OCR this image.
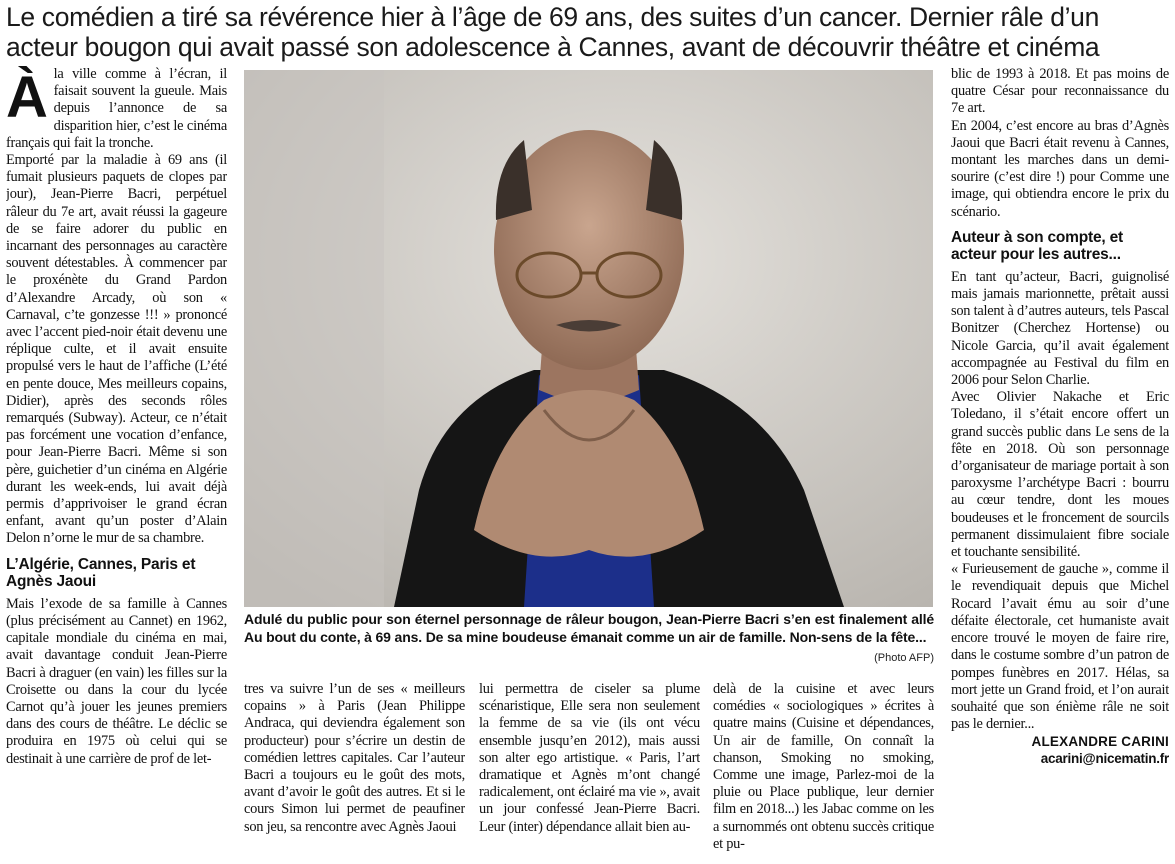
Le comédien a tiré sa révérence hier à l’âge de 69 ans, des suites d’un cancer. Dernier râle d’un
acteur bougon qui avait passé son adolescence à Cannes, avant de découvrir théâtre et cinéma
À la ville comme à l’écran, il faisait souvent la gueule. Mais depuis l’annonce de sa disparition hier, c’est le cinéma français qui fait la tronche.

Emporté par la maladie à 69 ans (il fumait plusieurs paquets de clopes par jour), Jean-Pierre Bacri, perpétuel râleur du 7e art, avait réussi la gageure de se faire adorer du public en incarnant des personnages au caractère souvent détestables. À commencer par le proxénète du Grand Pardon d’Alexandre Arcady, où son « Carnaval, c’te gonzesse !!! » prononcé avec l’accent pied-noir était devenu une réplique culte, et il avait ensuite propulsé vers le haut de l’affiche (L’été en pente douce, Mes meilleurs copains, Didier), après des seconds rôles remarqués (Subway). Acteur, ce n’était pas forcément une vocation d’enfance, pour Jean-Pierre Bacri. Même si son père, guichetier d’un cinéma en Algérie durant les week-ends, lui avait déjà permis d’apprivoiser le grand écran enfant, avant qu’un poster d’Alain Delon n’orne le mur de sa chambre.

L’Algérie, Cannes, Paris et Agnès Jaoui

Mais l’exode de sa famille à Cannes (plus précisément au Cannet) en 1962, capitale mondiale du cinéma en mai, avait davantage conduit Jean-Pierre Bacri à draguer (en vain) les filles sur la Croisette ou dans la cour du lycée Carnot qu’à jouer les jeunes premiers dans des cours de théâtre. Le déclic se produira en 1975 où celui qui se destinait à une carrière de prof de let-

Adulé du public pour son éternel personnage de râleur bougon, Jean-Pierre Bacri s’en est finalement allé Au bout du conte, à 69 ans. De sa mine boudeuse émanait comme un air de famille. Non-sens de la fête...
(Photo AFP)

tres va suivre l’un de ses « meilleurs copains » à Paris (Jean Philippe Andraca, qui deviendra également son producteur) pour s’écrire un destin de comédien lettres capitales. Car l’auteur Bacri a toujours eu le goût des mots, avant d’avoir le goût des autres. Et si le cours Simon lui permet de peaufiner son jeu, sa rencontre avec Agnès Jaoui

lui permettra de ciseler sa plume scénaristique, Elle sera non seulement la femme de sa vie (ils ont vécu ensemble jusqu’en 2012), mais aussi son alter ego artistique. « Paris, l’art dramatique et Agnès m’ont changé radicalement, ont éclairé ma vie », avait un jour confessé Jean-Pierre Bacri. Leur (inter) dépendance allait bien au-

delà de la cuisine et avec leurs comédies « sociologiques » écrites à quatre mains (Cuisine et dépendances, Un air de famille, On connaît la chanson, Smoking no smoking, Comme une image, Parlez-moi de la pluie ou Place publique, leur dernier film en 2018...) les Jabac comme on les a surnommés ont obtenu succès critique et pu-

blic de 1993 à 2018. Et pas moins de quatre César pour reconnaissance du 7e art.

En 2004, c’est encore au bras d’Agnès Jaoui que Bacri était revenu à Cannes, montant les marches dans un demi-sourire (c’est dire !) pour Comme une image, qui obtiendra encore le prix du scénario.

Auteur à son compte, et acteur pour les autres...

En tant qu’acteur, Bacri, guignolisé mais jamais marionnette, prêtait aussi son talent à d’autres auteurs, tels Pascal Bonitzer (Cherchez Hortense) ou Nicole Garcia, qu’il avait également accompagnée au Festival du film en 2006 pour Selon Charlie.

Avec Olivier Nakache et Eric Toledano, il s’était encore offert un grand succès public dans Le sens de la fête en 2018. Où son personnage d’organisateur de mariage portait à son paroxysme l’archétype Bacri : bourru au cœur tendre, dont les moues boudeuses et le froncement de sourcils permanent dissimulaient fibre sociale et touchante sensibilité.

« Furieusement de gauche », comme il le revendiquait depuis que Michel Rocard l’avait ému au soir d’une défaite électorale, cet humaniste avait encore trouvé le moyen de faire rire, dans le costume sombre d’un patron de pompes funèbres en 2017. Hélas, sa mort jette un Grand froid, et l’on aurait souhaité que son énième râle ne soit pas le dernier...

ALEXANDRE CARINI
acarini@nicematin.fr
